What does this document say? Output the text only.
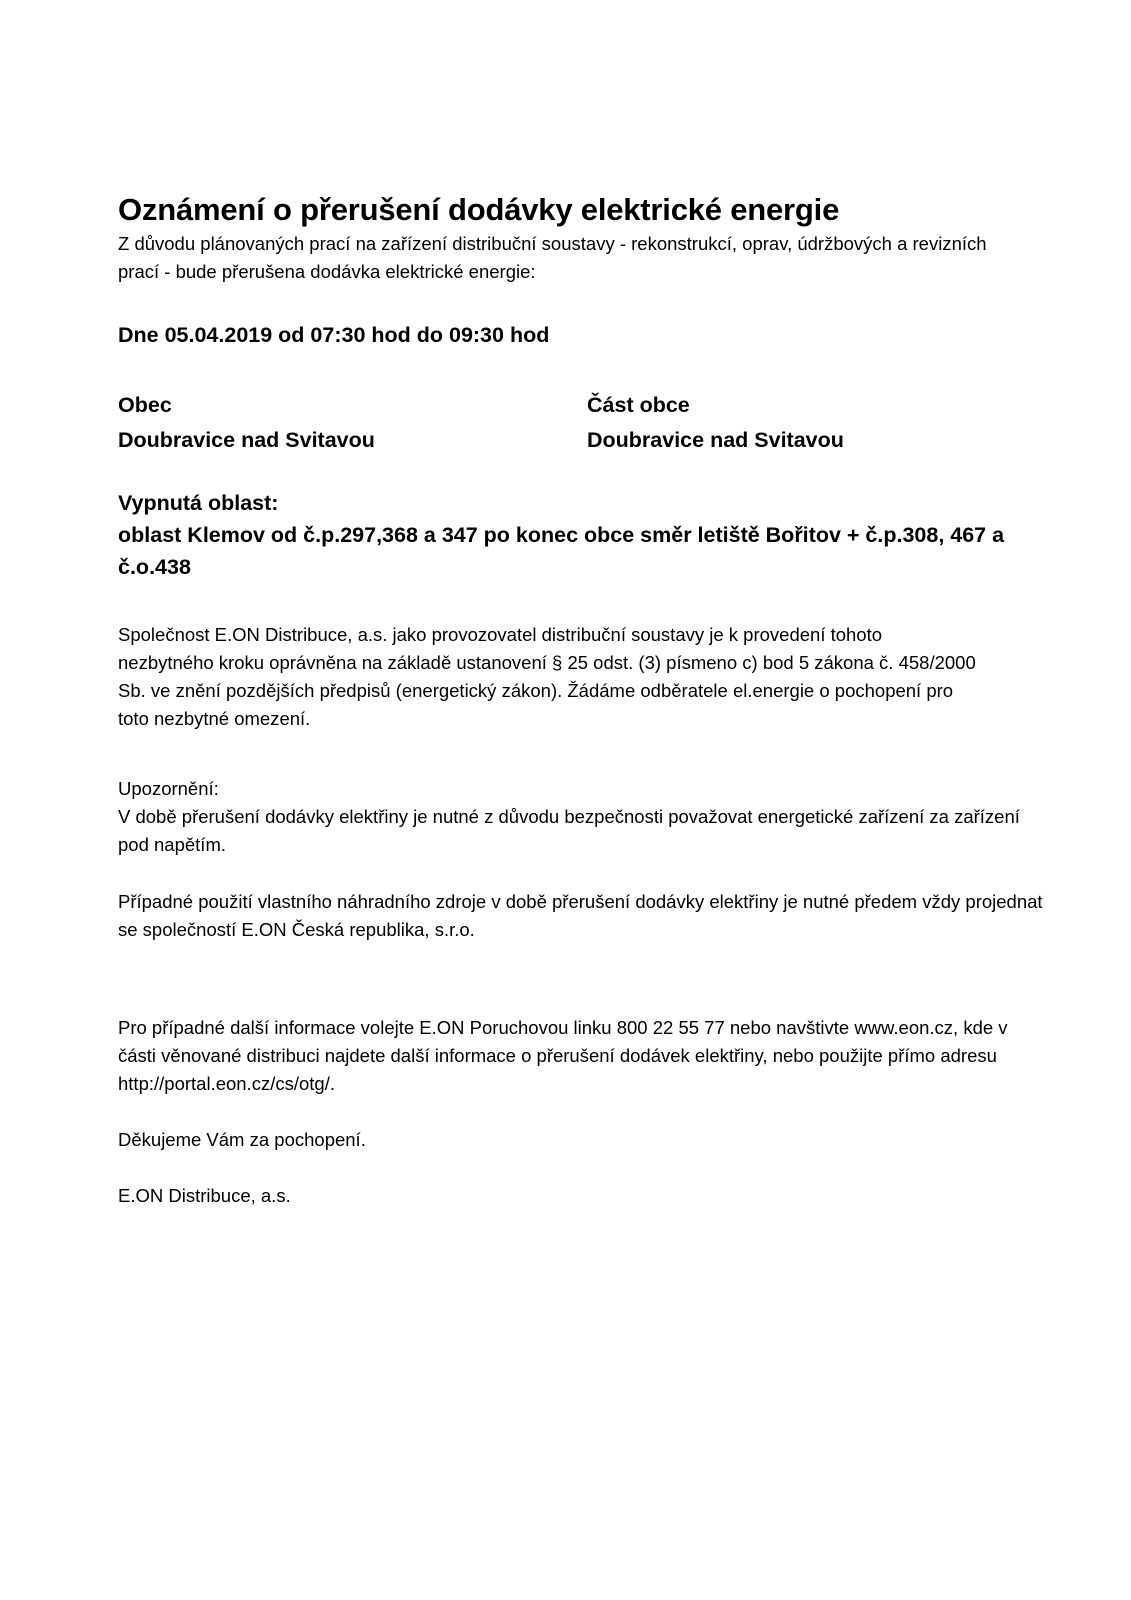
Oznámení o přerušení dodávky elektrické energie

Z důvodu plánovaných prací na zařízení distribuční soustavy - rekonstrukcí, oprav, údržbových a revizních prací - bude přerušena dodávka elektrické energie:

Dne 05.04.2019 od 07:30 hod do 09:30 hod
Obec
Doubravice nad Svitavou
Část obce
Doubravice nad Svitavou
Vypnutá oblast:
oblast Klemov od č.p.297,368 a 347 po konec obce směr letiště Bořitov + č.p.308, 467 a č.o.438

Společnost E.ON Distribuce, a.s. jako provozovatel distribuční soustavy je k provedení tohoto nezbytného kroku oprávněna na základě ustanovení § 25 odst. (3) písmeno c) bod 5 zákona č. 458/2000 Sb. ve znění pozdějších předpisů (energetický zákon). Žádáme odběratele el.energie o pochopení pro toto nezbytné omezení.

Upozornění:

V době přerušení dodávky elektřiny je nutné z důvodu bezpečnosti považovat energetické zařízení za zařízení pod napětím.

Případné použití vlastního náhradního zdroje v době přerušení dodávky elektřiny je nutné předem vždy projednat se společností E.ON Česká republika, s.r.o.

Pro případné další informace volejte E.ON Poruchovou linku 800 22 55 77 nebo navštivte www.eon.cz, kde v části věnované distribuci najdete další informace o přerušení dodávek elektřiny, nebo použijte přímo adresu http://portal.eon.cz/cs/otg/.

Děkujeme Vám za pochopení.

E.ON Distribuce, a.s.
